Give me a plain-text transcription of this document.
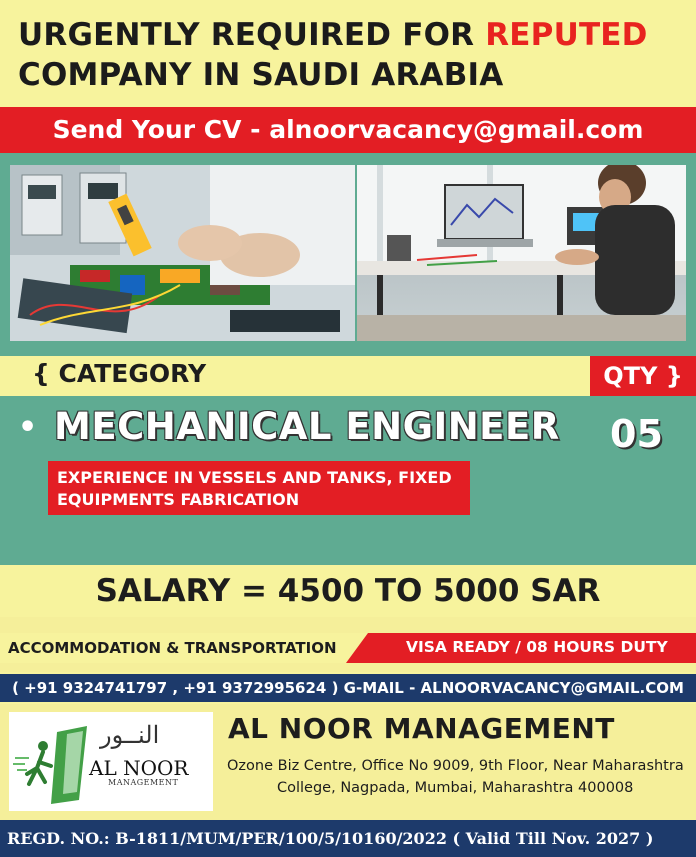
URGENTLY REQUIRED FOR REPUTED
COMPANY IN SAUDI ARABIA
Send Your CV - alnoorvacancy@gmail.com
{ CATEGORY	QTY }
• MECHANICAL ENGINEER 05
EXPERIENCE IN VESSELS AND TANKS, FIXED
EQUIPMENTS FABRICATION
SALARY = 4500 TO 5000 SAR
ACCOMMODATION & TRANSPORTATION	VISA READY / 08 HOURS DUTY
( +91 9324741797 , +91 9372995624 ) G-MAIL - ALNOORVACANCY@GMAIL.COM
النــور
AL NOOR
MANAGEMENT
AL NOOR MANAGEMENT
Ozone Biz Centre, Office No 9009, 9th Floor, Near Maharashtra
College, Nagpada, Mumbai, Maharashtra 400008
REGD. NO.: B-1811/MUM/PER/100/5/10160/2022 ( Valid Till Nov. 2027 )
